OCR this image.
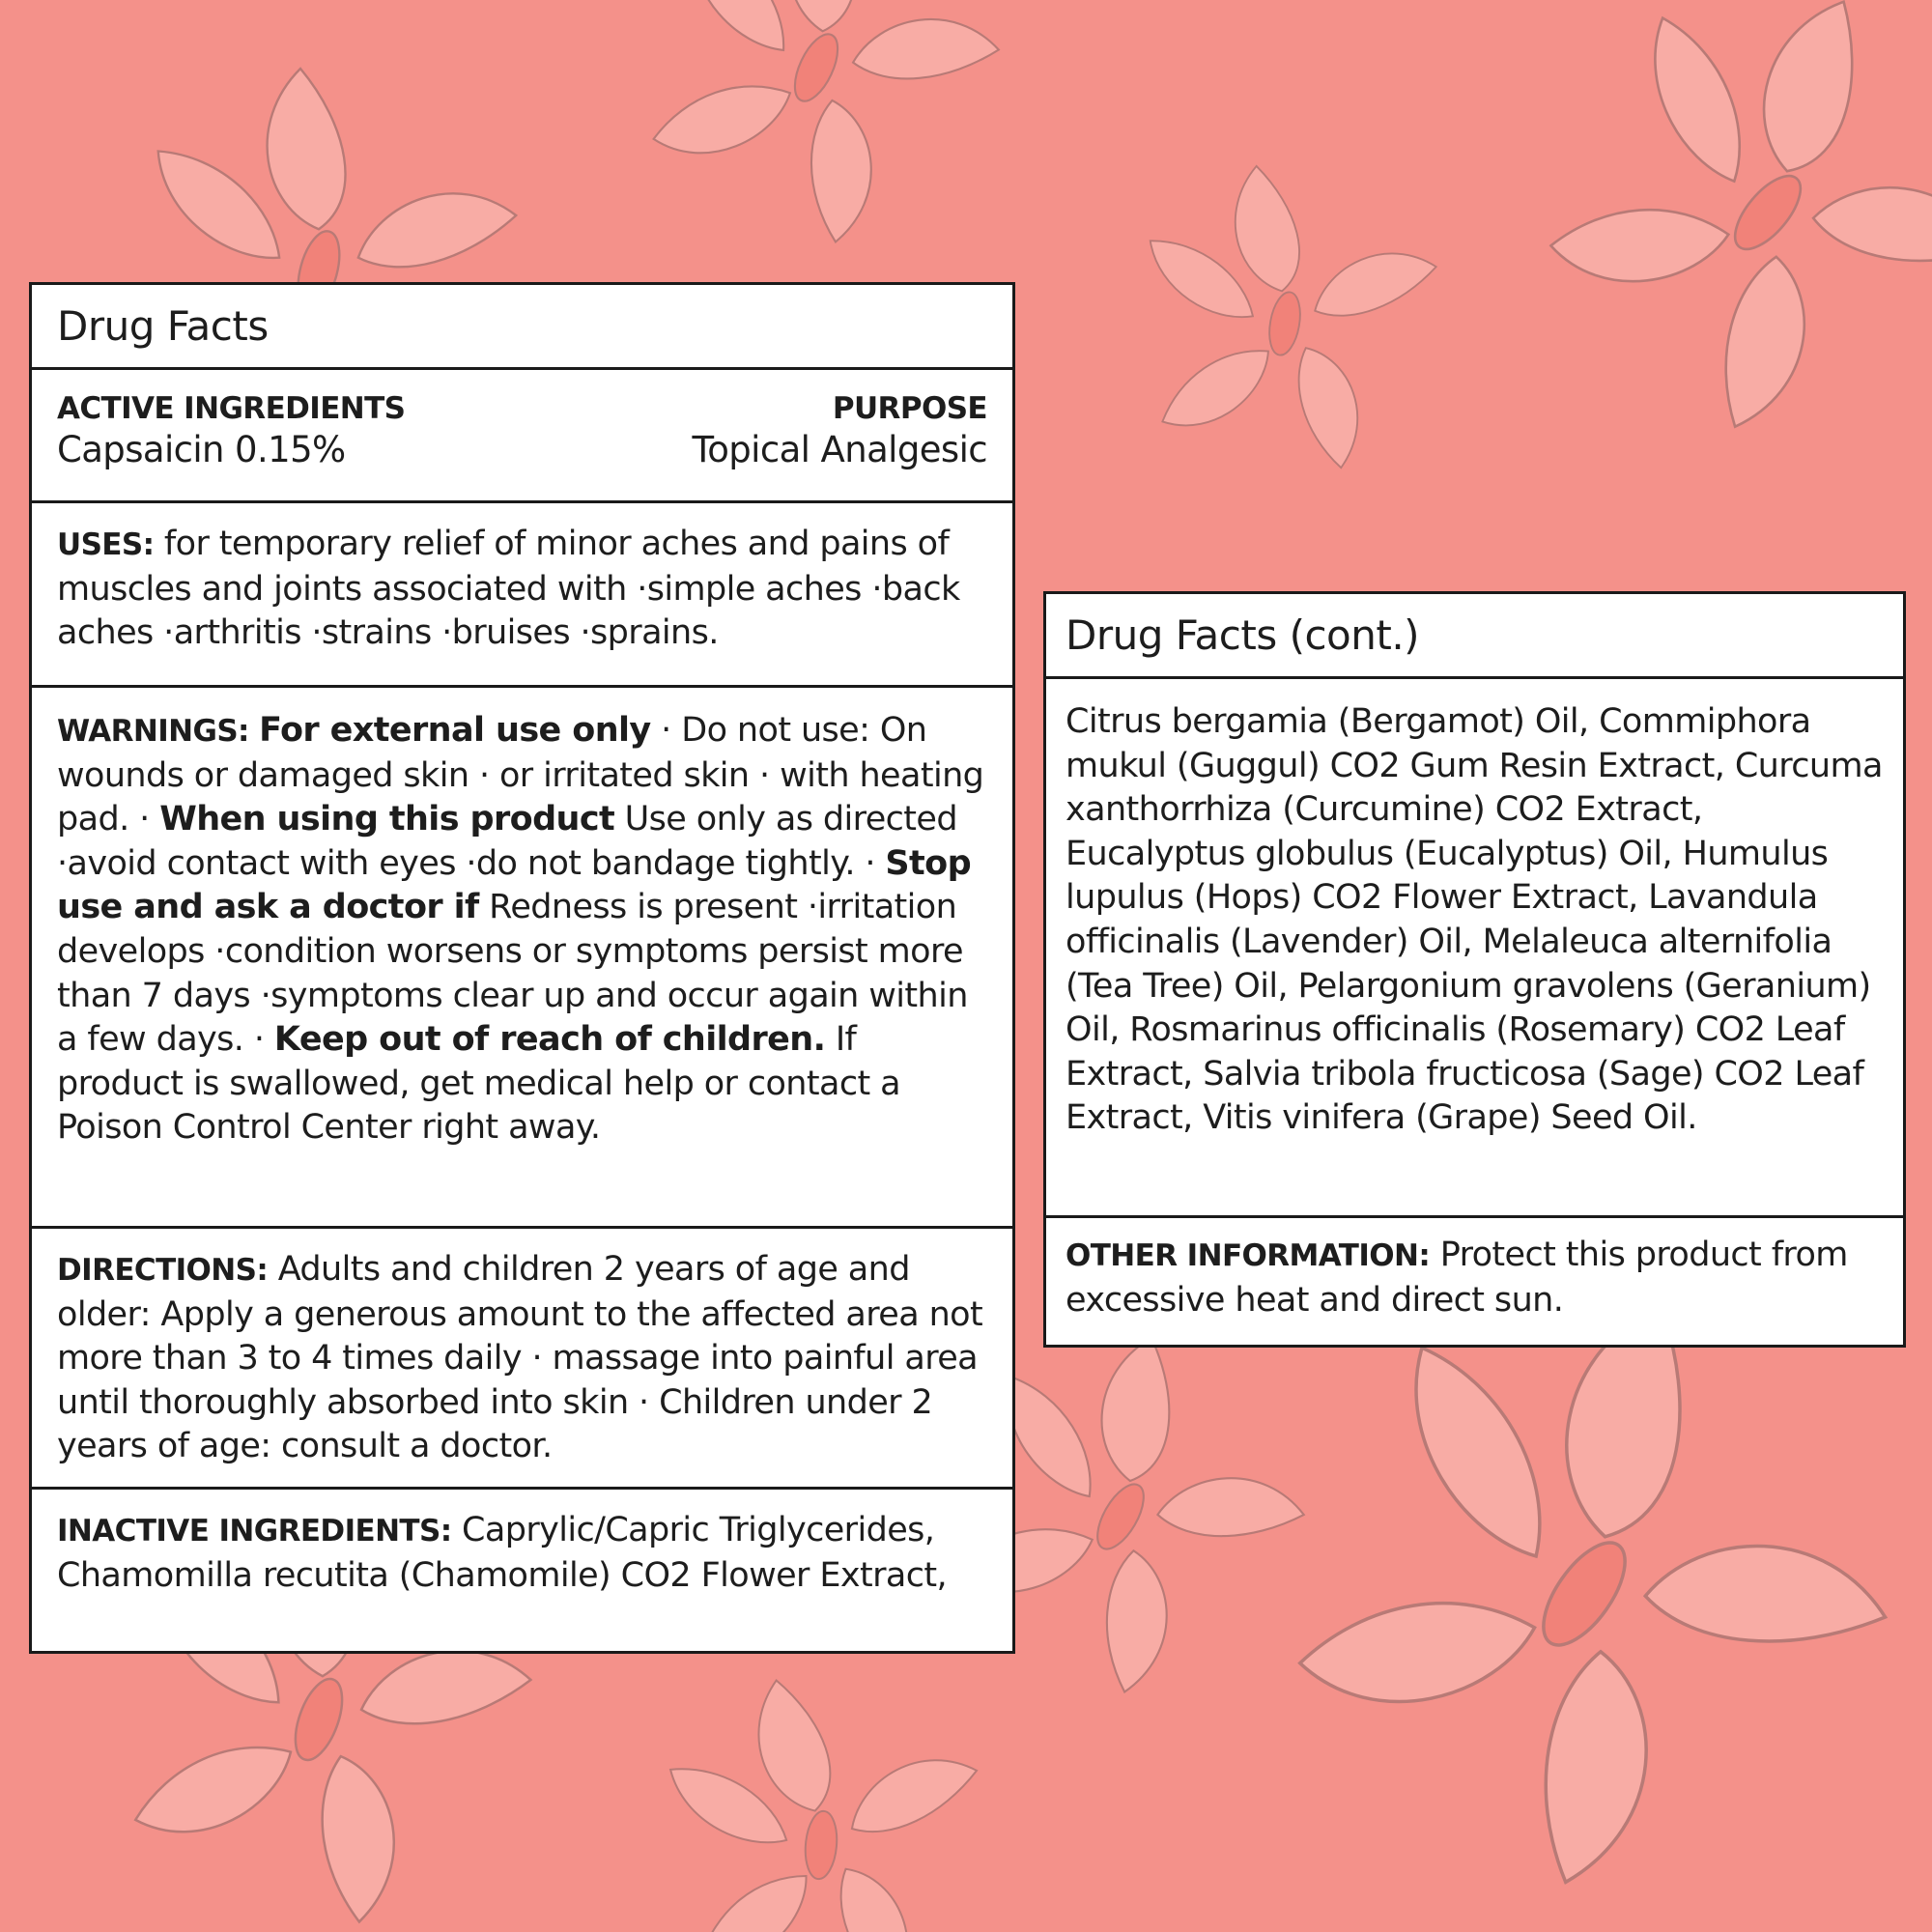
Drug Facts
ACTIVE INGREDIENTS	PURPOSE
Capsaicin 0.15%	Topical Analgesic
USES: for temporary relief of minor aches and pains of muscles and joints associated with ·simple aches ·back aches ·arthritis ·strains ·bruises ·sprains.
WARNINGS: For external use only · Do not use: On wounds or damaged skin · or irritated skin · with heating pad. · When using this product Use only as directed ·avoid contact with eyes ·do not bandage tightly. · Stop use and ask a doctor if Redness is present ·irritation develops ·condition worsens or symptoms persist more than 7 days ·symptoms clear up and occur again within a few days. · Keep out of reach of children. If product is swallowed, get medical help or contact a Poison Control Center right away.
DIRECTIONS: Adults and children 2 years of age and older: Apply a generous amount to the affected area not more than 3 to 4 times daily · massage into painful area until thoroughly absorbed into skin · Children under 2 years of age: consult a doctor.
INACTIVE INGREDIENTS: Caprylic/Capric Triglycerides, Chamomilla recutita (Chamomile) CO2 Flower Extract,
Drug Facts (cont.)
Citrus bergamia (Bergamot) Oil, Commiphora mukul (Guggul) CO2 Gum Resin Extract, Curcuma xanthorrhiza (Curcumine) CO2 Extract, Eucalyptus globulus (Eucalyptus) Oil, Humulus lupulus (Hops) CO2 Flower Extract, Lavandula officinalis (Lavender) Oil, Melaleuca alternifolia (Tea Tree) Oil, Pelargonium gravolens (Geranium) Oil, Rosmarinus officinalis (Rosemary) CO2 Leaf Extract, Salvia tribola fructicosa (Sage) CO2 Leaf Extract, Vitis vinifera (Grape) Seed Oil.
OTHER INFORMATION: Protect this product from excessive heat and direct sun.
